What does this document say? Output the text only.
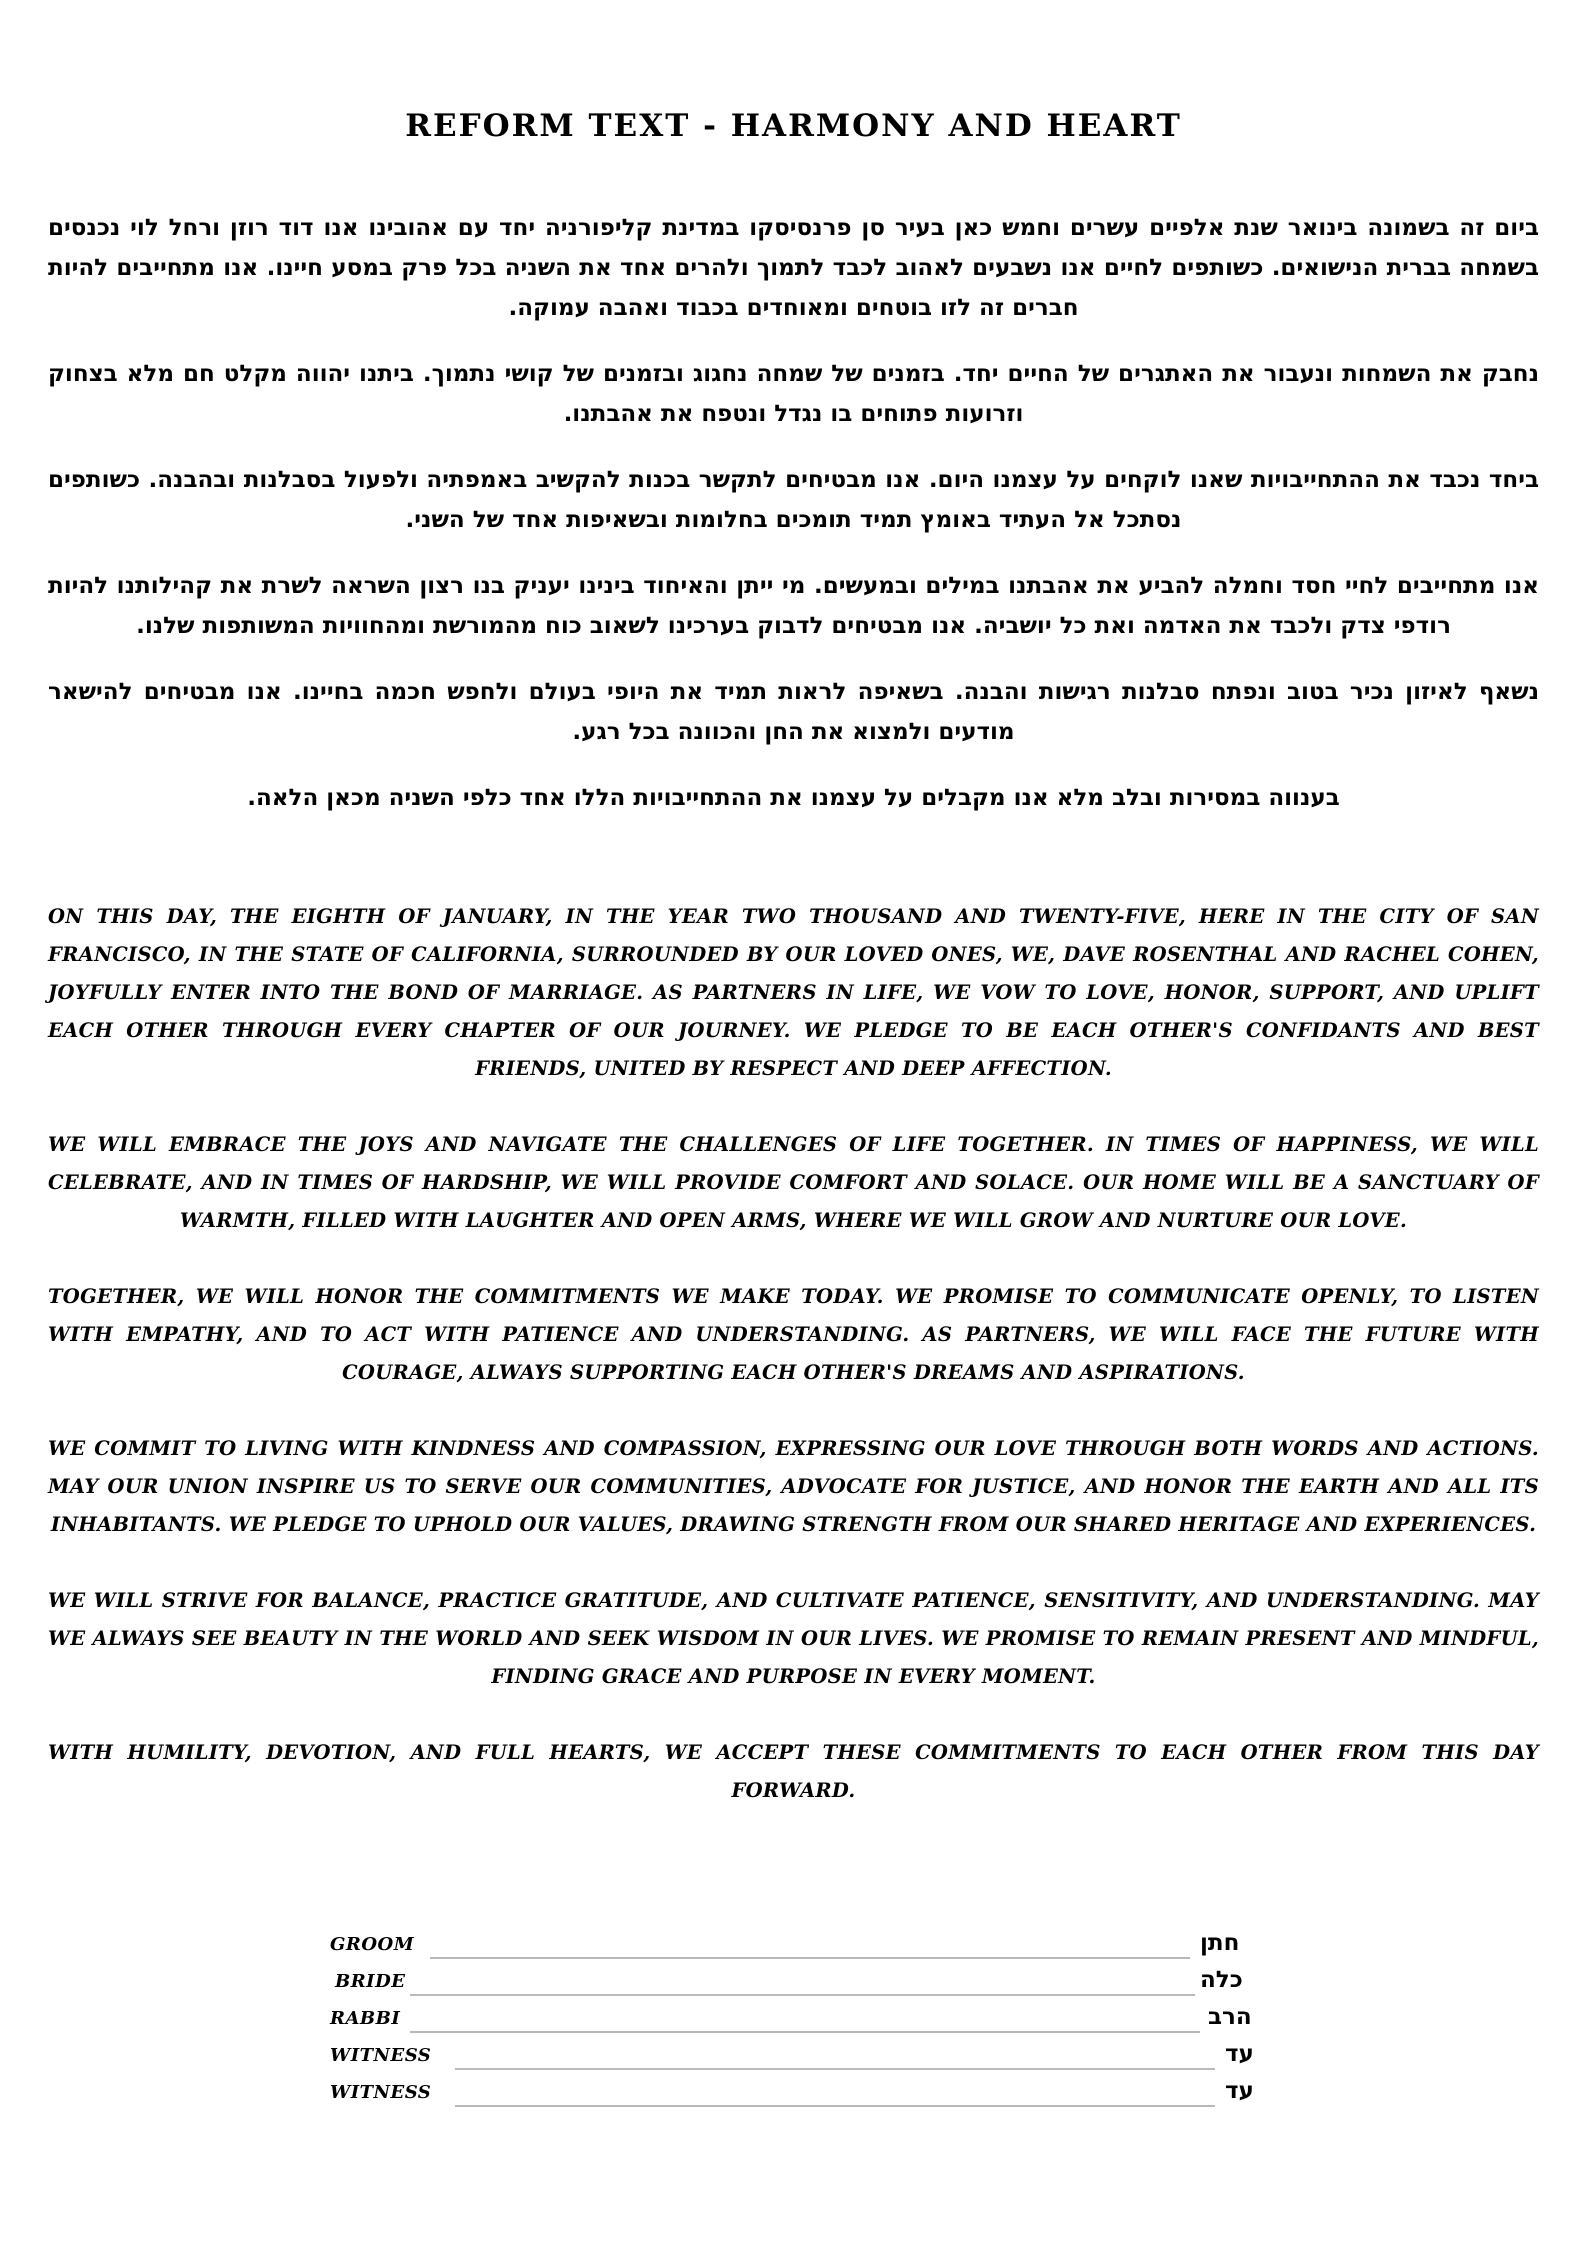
REFORM TEXT - HARMONY AND HEART

ביום זה בשמונה בינואר שנת אלפיים עשרים וחמש כאן בעיר סן פרנסיסקו במדינת קליפורניה יחד עם אהובינו אנו דוד רוזן ורחל לוי נכנסים בשמחה בברית הנישואים. כשותפים לחיים אנו נשבעים לאהוב לכבד לתמוך ולהרים אחד את השניה בכל פרק במסע חיינו. אנו מתחייבים להיות חברים זה לזו בוטחים ומאוחדים בכבוד ואהבה עמוקה.

נחבק את השמחות ונעבור את האתגרים של החיים יחד. בזמנים של שמחה נחגוג ובזמנים של קושי נתמוך. ביתנו יהווה מקלט חם מלא בצחוק וזרועות פתוחים בו נגדל ונטפח את אהבתנו.

ביחד נכבד את ההתחייבויות שאנו לוקחים על עצמנו היום. אנו מבטיחים לתקשר בכנות להקשיב באמפתיה ולפעול בסבלנות ובהבנה. כשותפים נסתכל אל העתיד באומץ תמיד תומכים בחלומות ובשאיפות אחד של השני.

אנו מתחייבים לחיי חסד וחמלה להביע את אהבתנו במילים ובמעשים. מי ייתן והאיחוד בינינו יעניק בנו רצון השראה לשרת את קהילותנו להיות רודפי צדק ולכבד את האדמה ואת כל יושביה. אנו מבטיחים לדבוק בערכינו לשאוב כוח מהמורשת ומהחוויות המשותפות שלנו.

נשאף לאיזון נכיר בטוב ונפתח סבלנות רגישות והבנה. בשאיפה לראות תמיד את היופי בעולם ולחפש חכמה בחיינו. אנו מבטיחים להישאר מודעים ולמצוא את החן והכוונה בכל רגע.

בענווה במסירות ובלב מלא אנו מקבלים על עצמנו את ההתחייבויות הללו אחד כלפי השניה מכאן הלאה.

ON THIS DAY, THE EIGHTH OF JANUARY, IN THE YEAR TWO THOUSAND AND TWENTY-FIVE, HERE IN THE CITY OF SAN FRANCISCO, IN THE STATE OF CALIFORNIA, SURROUNDED BY OUR LOVED ONES, WE, DAVE ROSENTHAL AND RACHEL COHEN, JOYFULLY ENTER INTO THE BOND OF MARRIAGE. AS PARTNERS IN LIFE, WE VOW TO LOVE, HONOR, SUPPORT, AND UPLIFT EACH OTHER THROUGH EVERY CHAPTER OF OUR JOURNEY. WE PLEDGE TO BE EACH OTHER'S CONFIDANTS AND BEST FRIENDS, UNITED BY RESPECT AND DEEP AFFECTION.

WE WILL EMBRACE THE JOYS AND NAVIGATE THE CHALLENGES OF LIFE TOGETHER. IN TIMES OF HAPPINESS, WE WILL CELEBRATE, AND IN TIMES OF HARDSHIP, WE WILL PROVIDE COMFORT AND SOLACE. OUR HOME WILL BE A SANCTUARY OF WARMTH, FILLED WITH LAUGHTER AND OPEN ARMS, WHERE WE WILL GROW AND NURTURE OUR LOVE.

TOGETHER, WE WILL HONOR THE COMMITMENTS WE MAKE TODAY. WE PROMISE TO COMMUNICATE OPENLY, TO LISTEN WITH EMPATHY, AND TO ACT WITH PATIENCE AND UNDERSTANDING. AS PARTNERS, WE WILL FACE THE FUTURE WITH COURAGE, ALWAYS SUPPORTING EACH OTHER'S DREAMS AND ASPIRATIONS.

WE COMMIT TO LIVING WITH KINDNESS AND COMPASSION, EXPRESSING OUR LOVE THROUGH BOTH WORDS AND ACTIONS. MAY OUR UNION INSPIRE US TO SERVE OUR COMMUNITIES, ADVOCATE FOR JUSTICE, AND HONOR THE EARTH AND ALL ITS INHABITANTS. WE PLEDGE TO UPHOLD OUR VALUES, DRAWING STRENGTH FROM OUR SHARED HERITAGE AND EXPERIENCES.

WE WILL STRIVE FOR BALANCE, PRACTICE GRATITUDE, AND CULTIVATE PATIENCE, SENSITIVITY, AND UNDERSTANDING. MAY WE ALWAYS SEE BEAUTY IN THE WORLD AND SEEK WISDOM IN OUR LIVES. WE PROMISE TO REMAIN PRESENT AND MINDFUL, FINDING GRACE AND PURPOSE IN EVERY MOMENT.

WITH HUMILITY, DEVOTION, AND FULL HEARTS, WE ACCEPT THESE COMMITMENTS TO EACH OTHER FROM THIS DAY FORWARD.

GROOM	חתן
BRIDE	כלה
RABBI	הרב
WITNESS	עד
WITNESS	עד
